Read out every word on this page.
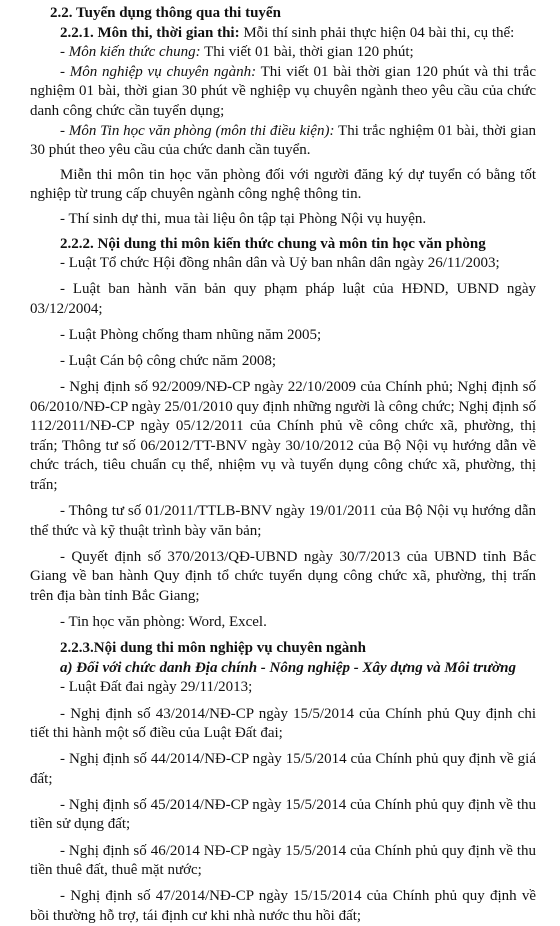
2.2. Tuyển dụng thông qua thi tuyển

2.2.1. Môn thi, thời gian thi: Mỗi thí sinh phải thực hiện 04 bài thi, cụ thể:

- Môn kiến thức chung: Thi viết 01 bài, thời gian 120 phút;

- Môn nghiệp vụ chuyên ngành: Thi viết 01 bài thời gian 120 phút và thi trắc nghiệm 01 bài, thời gian 30 phút về nghiệp vụ chuyên ngành theo yêu cầu của chức danh công chức cần tuyển dụng;

- Môn Tin học văn phòng (môn thi điều kiện): Thi trắc nghiệm 01 bài, thời gian 30 phút theo yêu cầu của chức danh cần tuyển.

Miễn thi môn tin học văn phòng đối với người đăng ký dự tuyển có bằng tốt nghiệp từ trung cấp chuyên ngành công nghệ thông tin.

- Thí sinh dự thi, mua tài liệu ôn tập tại Phòng Nội vụ huyện.

2.2.2. Nội dung thi môn kiến thức chung và môn tin học văn phòng

- Luật Tổ chức Hội đồng nhân dân và Uỷ ban nhân dân ngày 26/11/2003;

- Luật ban hành văn bản quy phạm pháp luật của HĐND, UBND ngày 03/12/2004;

- Luật Phòng chống tham nhũng năm 2005;

- Luật Cán bộ công chức năm 2008;

- Nghị định số 92/2009/NĐ-CP ngày 22/10/2009 của Chính phủ; Nghị định số 06/2010/NĐ-CP ngày 25/01/2010 quy định những người là công chức; Nghị định số 112/2011/NĐ-CP ngày 05/12/2011 của Chính phủ về công chức xã, phường, thị trấn; Thông tư số 06/2012/TT-BNV ngày 30/10/2012 của Bộ Nội vụ hướng dẫn về chức trách, tiêu chuẩn cụ thể, nhiệm vụ và tuyển dụng công chức xã, phường, thị trấn;

- Thông tư số 01/2011/TTLB-BNV ngày 19/01/2011 của Bộ Nội vụ hướng dẫn thể thức và kỹ thuật trình bày văn bản;

- Quyết định số 370/2013/QĐ-UBND ngày 30/7/2013 của UBND tỉnh Bắc Giang về ban hành Quy định tổ chức tuyển dụng công chức xã, phường, thị trấn trên địa bàn tỉnh Bắc Giang;

- Tin học văn phòng: Word, Excel.

2.2.3.Nội dung thi môn nghiệp vụ chuyên ngành

a) Đối với chức danh Địa chính - Nông nghiệp - Xây dựng và Môi trường

- Luật Đất đai ngày 29/11/2013;

- Nghị định số 43/2014/NĐ-CP ngày 15/5/2014 của Chính phủ Quy định chi tiết thi hành một số điều của Luật Đất đai;

- Nghị định số 44/2014/NĐ-CP ngày 15/5/2014 của Chính phủ quy định về giá đất;

- Nghị định số 45/2014/NĐ-CP ngày 15/5/2014 của Chính phủ quy định về thu tiền sử dụng đất;

- Nghị định số 46/2014 NĐ-CP ngày 15/5/2014 của Chính phủ quy định về thu tiền thuê đất, thuê mặt nước;

- Nghị định số 47/2014/NĐ-CP ngày 15/15/2014 của Chính phủ quy định về bồi thường hỗ trợ, tái định cư khi nhà nước thu hồi đất;
